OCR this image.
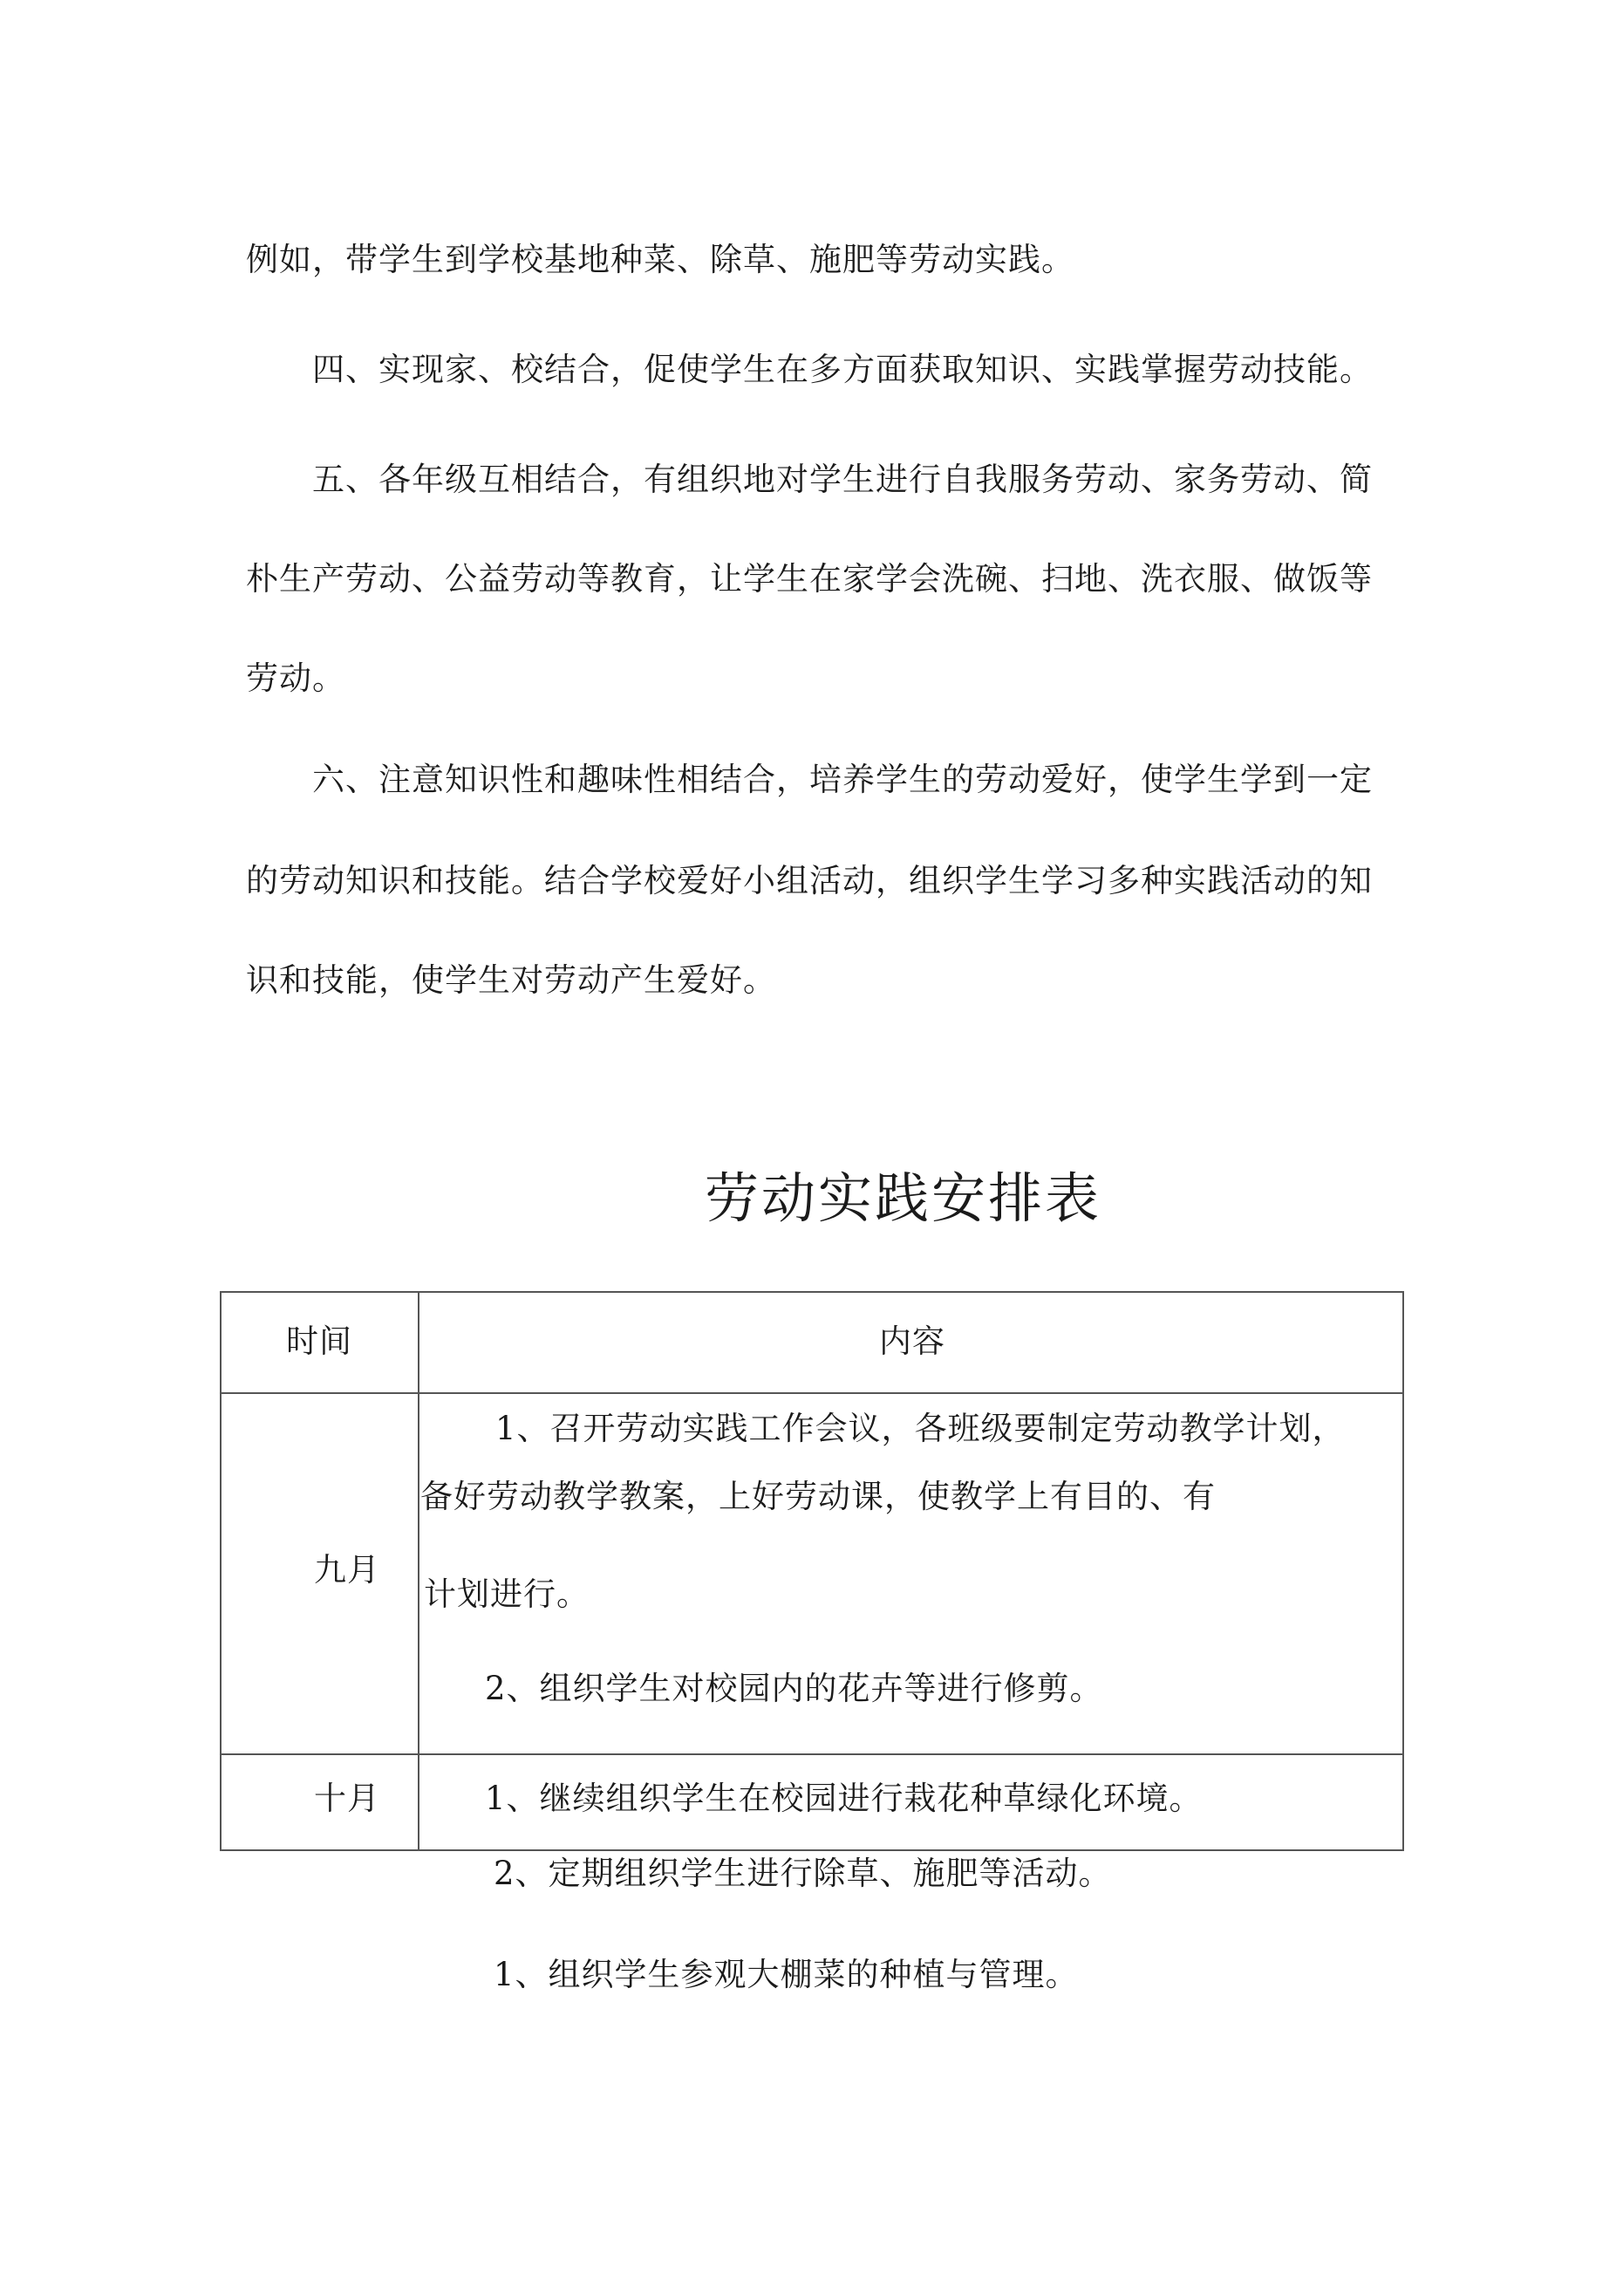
例如，带学生到学校基地种菜、除草、施肥等劳动实践。
四、实现家、校结合，促使学生在多方面获取知识、实践掌握劳动技能。
五、各年级互相结合，有组织地对学生进行自我服务劳动、家务劳动、简
朴生产劳动、公益劳动等教育，让学生在家学会洗碗、扫地、洗衣服、做饭等
劳动。
六、注意知识性和趣味性相结合，培养学生的劳动爱好，使学生学到一定
的劳动知识和技能。结合学校爱好小组活动，组织学生学习多种实践活动的知
识和技能，使学生对劳动产生爱好。
劳动实践安排表
时间	内容
九月
1、召开劳动实践工作会议，各班级要制定劳动教学计划，
备好劳动教学教案，上好劳动课，使教学上有目的、有
计划进行。
2、组织学生对校园内的花卉等进行修剪。
十月	1、继续组织学生在校园进行栽花种草绿化环境。
2、定期组织学生进行除草、施肥等活动。
1、组织学生参观大棚菜的种植与管理。
